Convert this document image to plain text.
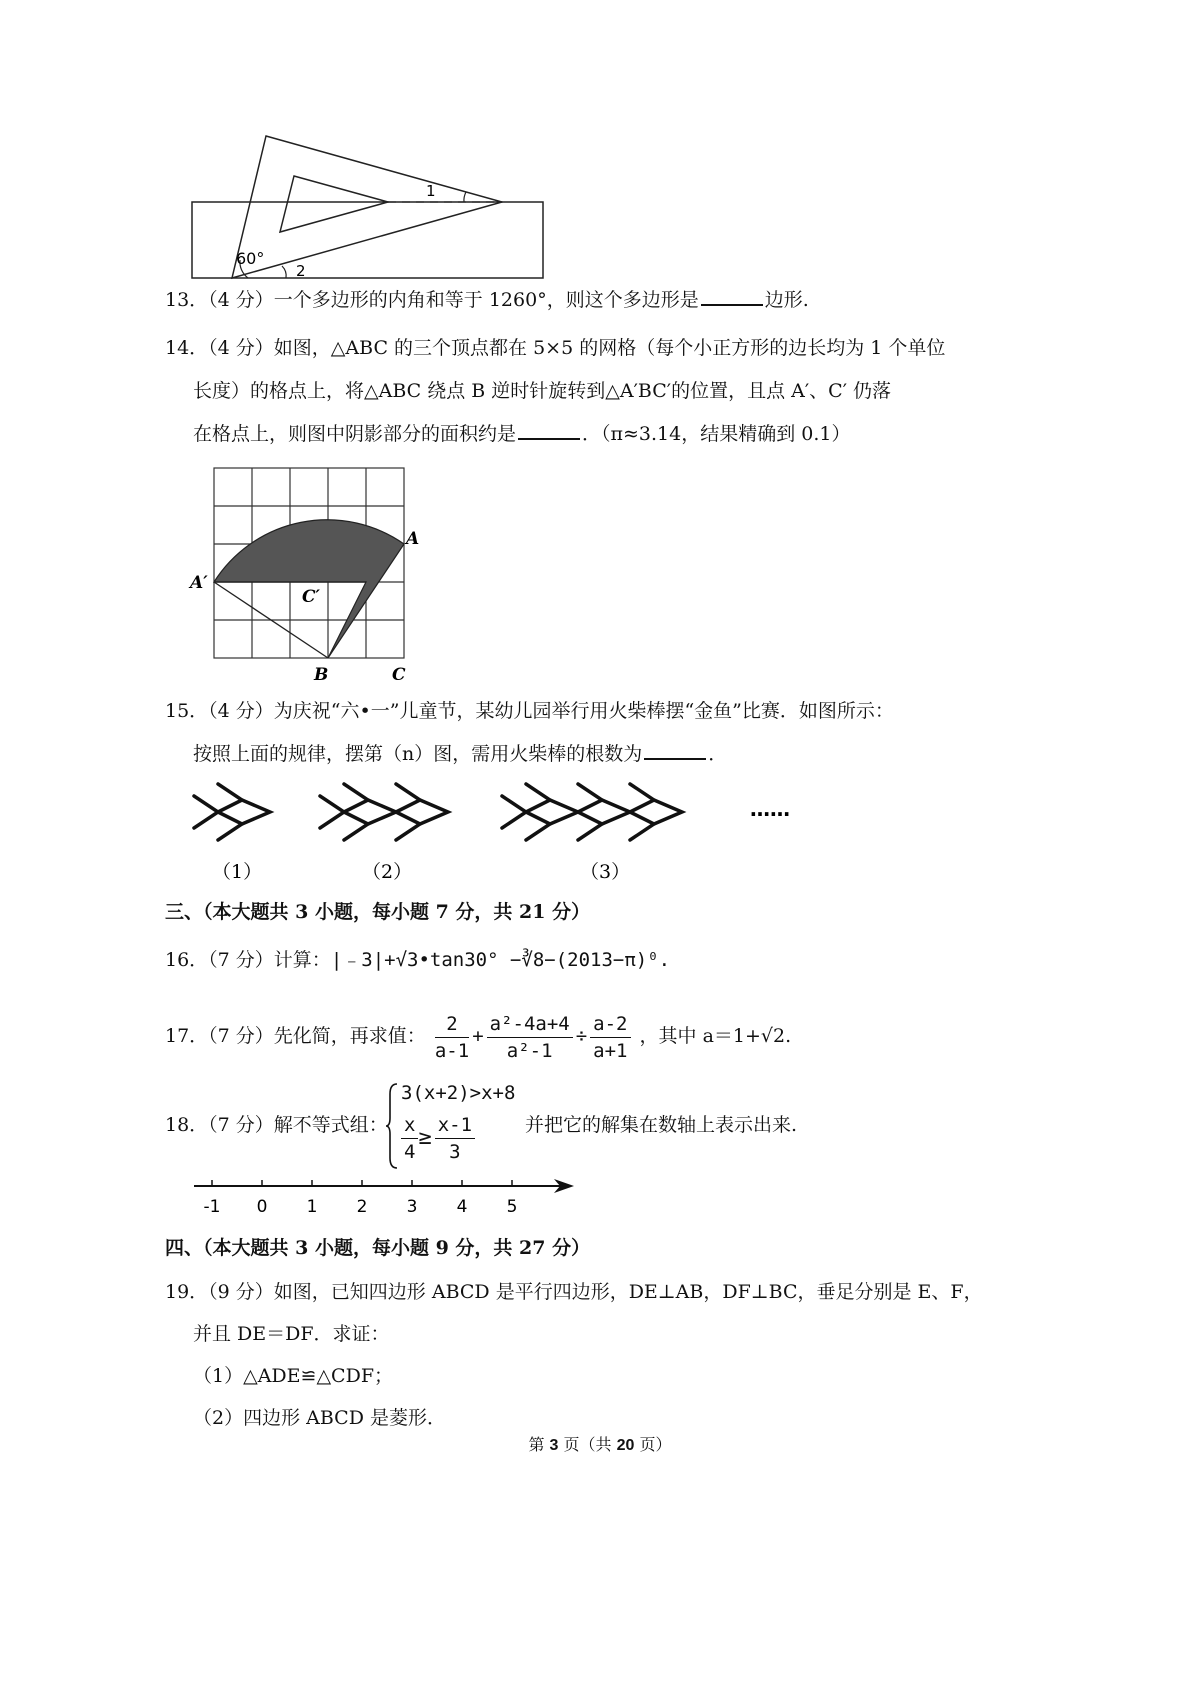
60°
1
2
13．（4 分）一个多边形的内角和等于 1260°，则这个多边形是	边形.
14．（4 分）如图，△ABC 的三个顶点都在 5×5 的网格（每个小正方形的边长均为 1 个单位
长度）的格点上，将△ABC 绕点 B 逆时针旋转到△A′BC′的位置，且点 A′、C′ 仍落
在格点上，则图中阴影部分的面积约是	．（π≈3.14，结果精确到 0.1）
A
A′
C′
B	C
15．（4 分）为庆祝“六•一”儿童节，某幼儿园举行用火柴棒摆“金鱼”比赛．如图所示：
按照上面的规律，摆第（n）图，需用火柴棒的根数为	．
……
（1）	（2）	（3）
三、（本大题共 3 小题，每小题 7 分，共 21 分）
16．（7 分）计算：|﹣3|+√3•tan30° −∛8−(2013−π)⁰.
17．（7 分）先化简，再求值： $\frac{2}{a-1} + \frac{\text{a²-4a+4}}{\text{a²-1}} \div \frac{a-2}{a+1}$ ，其中 a＝1+√2.
18．（7 分）解不等式组：
3(x+2)>x+8
$\frac{x}{4} \ge \frac{x-1}{3}$	并把它的解集在数轴上表示出来.
-1 0 1 2 3 4 5
四、（本大题共 3 小题，每小题 9 分，共 27 分）
19．（9 分）如图，已知四边形 ABCD 是平行四边形，DE⊥AB，DF⊥BC，垂足分别是 E、F，
并且 DE＝DF．求证：
（1）△ADE≌△CDF；
（2）四边形 ABCD 是菱形．
第 3 页（共 20 页）
